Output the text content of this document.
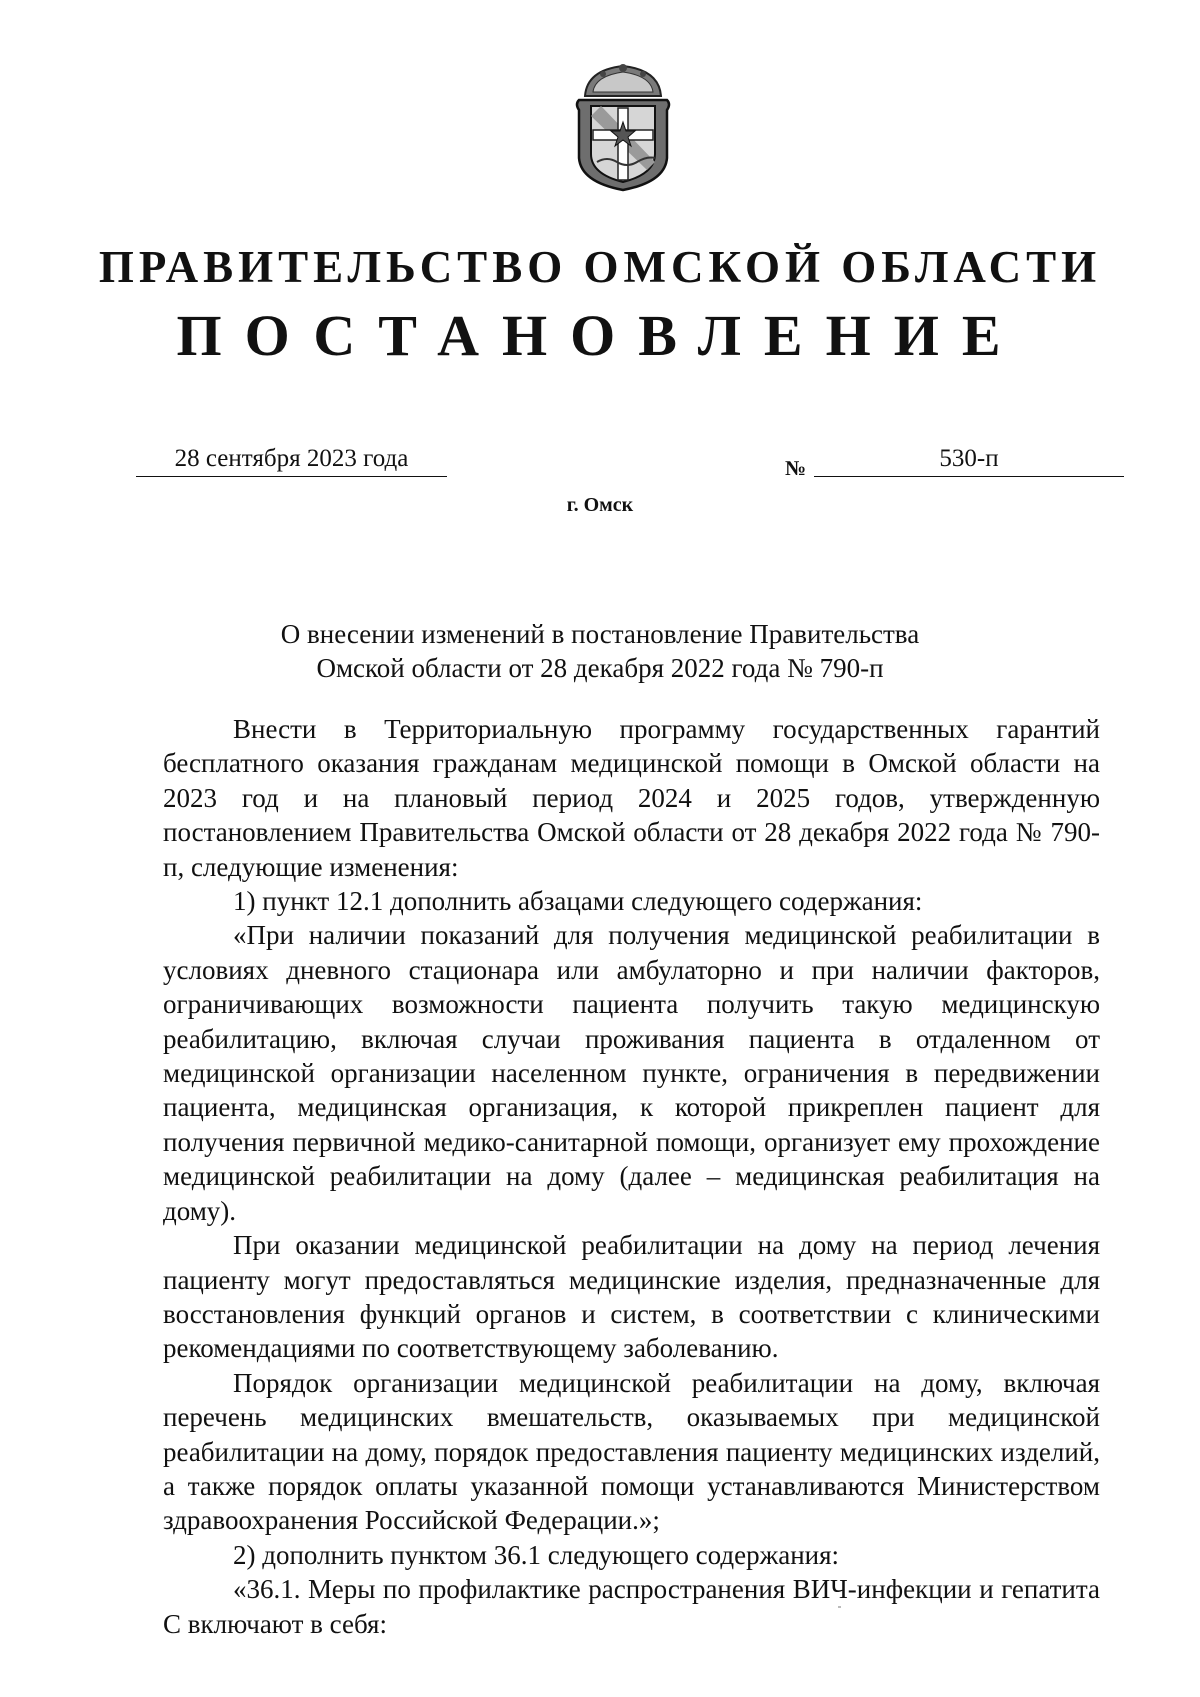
ПРАВИТЕЛЬСТВО ОМСКОЙ ОБЛАСТИ
ПОСТАНОВЛЕНИЕ
28 сентября 2023 года	№	530-п
г. Омск
О внесении изменений в постановление Правительства
Омской области от 28 декабря 2022 года № 790-п

Внести в Территориальную программу государственных гарантий бесплатного оказания гражданам медицинской помощи в Омской области на 2023 год и на плановый период 2024 и 2025 годов, утвержденную постановлением Правительства Омской области от 28 декабря 2022 года № 790-п, следующие изменения:

1) пункт 12.1 дополнить абзацами следующего содержания:

«При наличии показаний для получения медицинской реабилитации в условиях дневного стационара или амбулаторно и при наличии факторов, ограничивающих возможности пациента получить такую медицинскую реабилитацию, включая случаи проживания пациента в отдаленном от медицинской организации населенном пункте, ограничения в передвижении пациента, медицинская организация, к которой прикреплен пациент для получения первичной медико-санитарной помощи, организует ему прохождение медицинской реабилитации на дому (далее – медицинская реабилитация на дому).

При оказании медицинской реабилитации на дому на период лечения пациенту могут предоставляться медицинские изделия, предназначенные для восстановления функций органов и систем, в соответствии с клиническими рекомендациями по соответствующему заболеванию.

Порядок организации медицинской реабилитации на дому, включая перечень медицинских вмешательств, оказываемых при медицинской реабилитации на дому, порядок предоставления пациенту медицинских изделий, а также порядок оплаты указанной помощи устанавливаются Министерством здравоохранения Российской Федерации.»;

2) дополнить пунктом 36.1 следующего содержания:

«36.1. Меры по профилактике распространения ВИЧ-инфекции и гепатита С включают в себя:
